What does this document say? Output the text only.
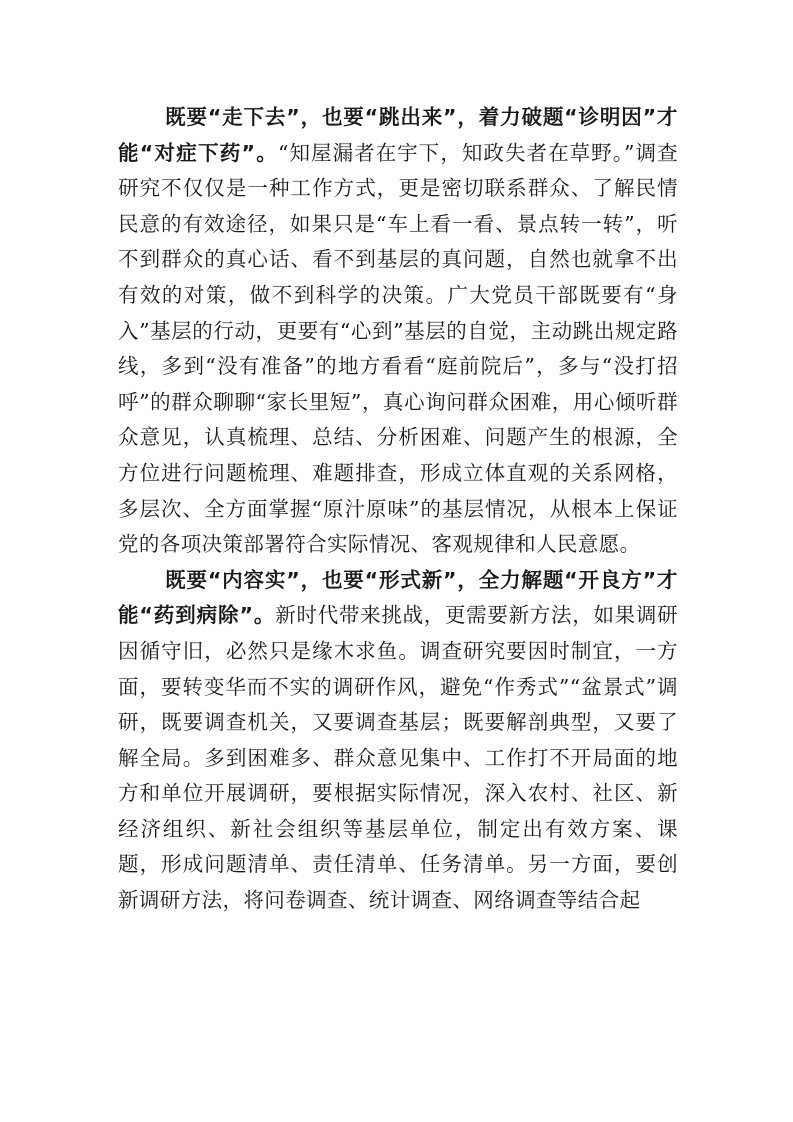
既要“走下去”，也要“跳出来”，着力破题“诊明因”才能“对症下药”。“知屋漏者在宇下，知政失者在草野。”调查研究不仅仅是一种工作方式，更是密切联系群众、了解民情民意的有效途径，如果只是“车上看一看、景点转一转”，听不到群众的真心话、看不到基层的真问题，自然也就拿不出有效的对策，做不到科学的决策。广大党员干部既要有“身入”基层的行动，更要有“心到”基层的自觉，主动跳出规定路线，多到“没有准备”的地方看看“庭前院后”，多与“没打招呼”的群众聊聊“家长里短”，真心询问群众困难，用心倾听群众意见，认真梳理、总结、分析困难、问题产生的根源，全方位进行问题梳理、难题排查，形成立体直观的关系网格，多层次、全方面掌握“原汁原味”的基层情况，从根本上保证党的各项决策部署符合实际情况、客观规律和人民意愿。

既要“内容实”，也要“形式新”，全力解题“开良方”才能“药到病除”。新时代带来挑战，更需要新方法，如果调研因循守旧，必然只是缘木求鱼。调查研究要因时制宜，一方面，要转变华而不实的调研作风，避免“作秀式”“盆景式”调研，既要调查机关，又要调查基层；既要解剖典型，又要了解全局。多到困难多、群众意见集中、工作打不开局面的地方和单位开展调研，要根据实际情况，深入农村、社区、新经济组织、新社会组织等基层单位，制定出有效方案、课题，形成问题清单、责任清单、任务清单。另一方面，要创新调研方法，将问卷调查、统计调查、网络调查等结合起
